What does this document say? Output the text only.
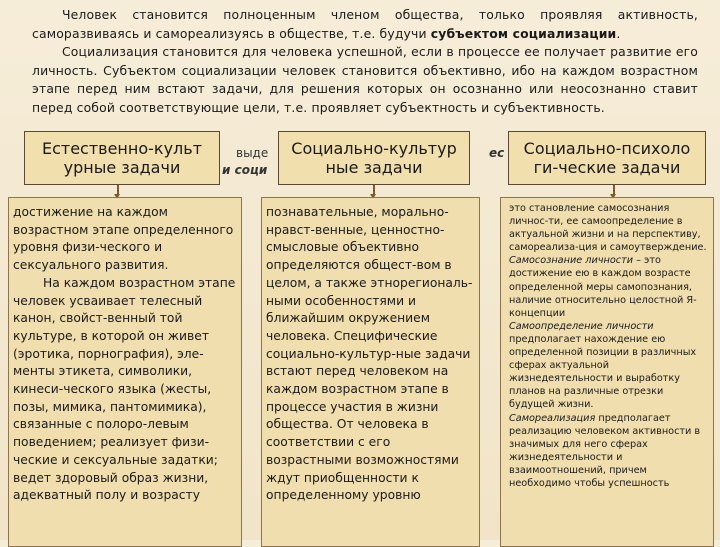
Человек становится полноценным членом общества, только проявляя активность, саморазвиваясь и самореализуясь в обществе, т.е. будучи субъектом социализации.

Социализация становится для человека успешной, если в процессе ее получает развитие его личность. Субъектом социализации человек становится объективно, ибо на каждом возрастном этапе перед ним встают задачи, для решения которых он осознанно или неосознанно ставит перед собой соответствующие цели, т.е. проявляет субъектность и субъективность.

выде	ес
и соци
Естественно-культ урные задачи
Социально-культур ные задачи
Социально-психоло ги-ческие задачи
достижение на каждом возрастном этапе определенного уровня физи-ческого и сексуального развития.
На каждом возрастном этапе человек усваивает телесный канон, свойст-венный той культуре, в которой он живет (эротика, порнография), эле-менты этикета, символики, кинеси-ческого языка (жесты, позы, мимика, пантомимика), связанные с полоро-левым поведением; реализует физи-ческие и сексуальные задатки; ведет здоровый образ жизни, адекватный полу и возрасту
познавательные, морально-нравст-венные, ценностно-смысловые объективно определяются общест-вом в целом, а также этнорегиональ-ными особенностями и ближайшим окружением человека. Специфические социально-культур-ные задачи встают перед человеком на каждом возрастном этапе в процессе участия в жизни общества. От человека в соответствии с его возрастными возможностями ждут приобщенности к определенному уровню
это становление самосознания личнос-ти, ее самоопределение в актуальной жизни и на перспективу, самореализа-ция и самоутверждение.
Самосознание личности – это достижение ею в каждом возрасте определенной меры самопознания, наличие относительно целостной Я-концепции
Самоопределение личности предполагает нахождение ею определенной позиции в различных сферах актуальной жизнедеятельности и выработку планов на различные отрезки будущей жизни.
Самореализация предполагает реализацию человеком активности в значимых для него сферах жизнедеятельности и взаимоотношений, причем необходимо чтобы успешность
